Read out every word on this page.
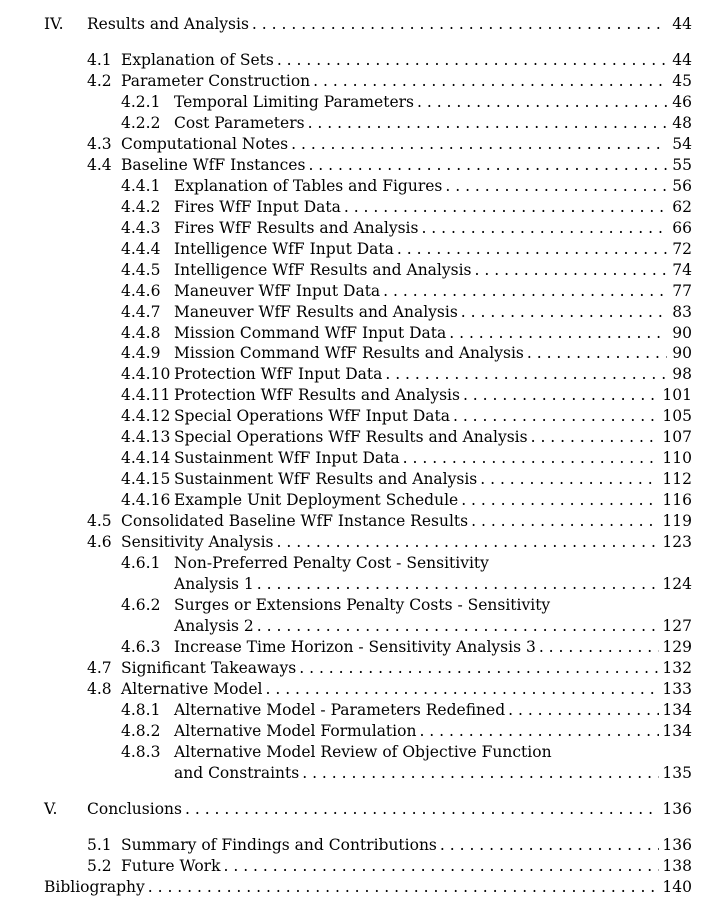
IV.	Results and Analysis . . .	44
4.1 Explanation of Sets . . .	44
4.2 Parameter Construction . . .	45
4.2.1 Temporal Limiting Parameters . . .	46
4.2.2 Cost Parameters . . .	48
4.3 Computational Notes . . .	54
4.4 Baseline WfF Instances . . .	55
4.4.1 Explanation of Tables and Figures . . .	56
4.4.2 Fires WfF Input Data . . .	62
4.4.3 Fires WfF Results and Analysis . . .	66
4.4.4 Intelligence WfF Input Data . . .	72
4.4.5 Intelligence WfF Results and Analysis . . .	74
4.4.6 Maneuver WfF Input Data . . .	77
4.4.7 Maneuver WfF Results and Analysis . . .	83
4.4.8 Mission Command WfF Input Data . . .	90
4.4.9 Mission Command WfF Results and Analysis . . .	90
4.4.10 Protection WfF Input Data . . .	98
4.4.11 Protection WfF Results and Analysis . . .	101
4.4.12 Special Operations WfF Input Data . . .	105
4.4.13 Special Operations WfF Results and Analysis . . .	107
4.4.14 Sustainment WfF Input Data . . .	110
4.4.15 Sustainment WfF Results and Analysis . . .	112
4.4.16 Example Unit Deployment Schedule . . .	116
4.5 Consolidated Baseline WfF Instance Results . . .	119
4.6 Sensitivity Analysis . . .	123
4.6.1 Non-Preferred Penalty Cost - Sensitivity
Analysis 1 . . .	124
4.6.2 Surges or Extensions Penalty Costs - Sensitivity
Analysis 2 . . .	127
4.6.3 Increase Time Horizon - Sensitivity Analysis 3 . . .	129
4.7 Significant Takeaways . . .	132
4.8 Alternative Model . . .	133
4.8.1 Alternative Model - Parameters Redefined . . .	134
4.8.2 Alternative Model Formulation . . .	134
4.8.3 Alternative Model Review of Objective Function
and Constraints . . .	135
V.	Conclusions . . .	136
5.1 Summary of Findings and Contributions . . .	136
5.2 Future Work . . .	138
Bibliography . . .	140
